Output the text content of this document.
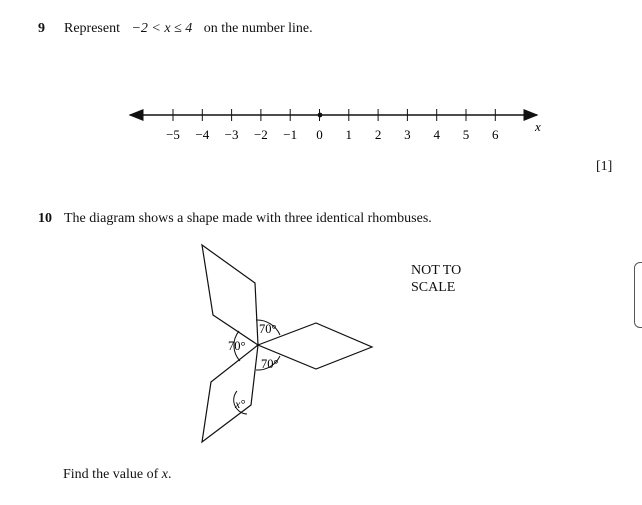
9 Represent −2 < x ≤ 4 on the number line.
−5 −4 −3 −2 −1 0 1 2 3 4 5 6
x
[1]
10 The diagram shows a shape made with three identical rhombuses.
70°
70°
70°
x°
NOT TO
SCALE
Find the value of x.
